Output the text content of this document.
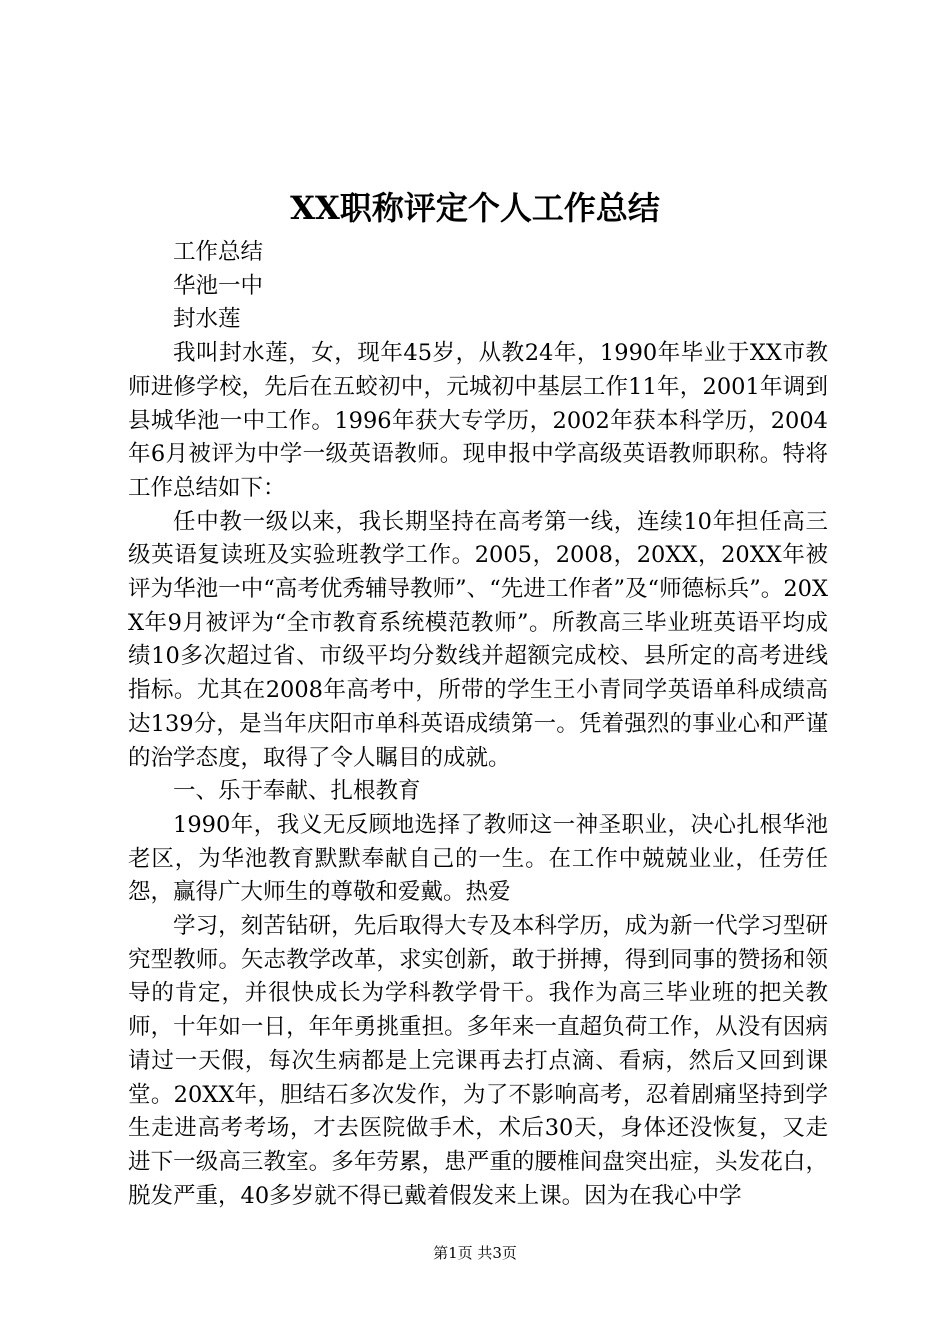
XX职称评定个人工作总结

工作总结

华池一中

封水莲

我叫封水莲，女，现年45岁，从教24年，1990年毕业于XX市教师进修学校，先后在五蛟初中，元城初中基层工作11年，2001年调到县城华池一中工作。1996年获大专学历，2002年获本科学历，2004年6月被评为中学一级英语教师。现申报中学高级英语教师职称。特将工作总结如下：

任中教一级以来，我长期坚持在高考第一线，连续10年担任高三级英语复读班及实验班教学工作。2005，2008，20XX，20XX年被评为华池一中“高考优秀辅导教师”、“先进工作者”及“师德标兵”。20XX年9月被评为“全市教育系统模范教师”。所教高三毕业班英语平均成绩10多次超过省、市级平均分数线并超额完成校、县所定的高考进线指标。尤其在2008年高考中，所带的学生王小青同学英语单科成绩高达139分，是当年庆阳市单科英语成绩第一。凭着强烈的事业心和严谨的治学态度，取得了令人瞩目的成就。

一、乐于奉献、扎根教育

1990年，我义无反顾地选择了教师这一神圣职业，决心扎根华池老区，为华池教育默默奉献自己的一生。在工作中兢兢业业，任劳任怨，赢得广大师生的尊敬和爱戴。热爱

学习，刻苦钻研，先后取得大专及本科学历，成为新一代学习型研究型教师。矢志教学改革，求实创新，敢于拼搏，得到同事的赞扬和领导的肯定，并很快成长为学科教学骨干。我作为高三毕业班的把关教师，十年如一日，年年勇挑重担。多年来一直超负荷工作，从没有因病请过一天假，每次生病都是上完课再去打点滴、看病，然后又回到课堂。20XX年，胆结石多次发作，为了不影响高考，忍着剧痛坚持到学生走进高考考场，才去医院做手术，术后30天，身体还没恢复，又走进下一级高三教室。多年劳累，患严重的腰椎间盘突出症，头发花白，脱发严重，40多岁就不得已戴着假发来上课。因为在我心中学

第1页 共3页
